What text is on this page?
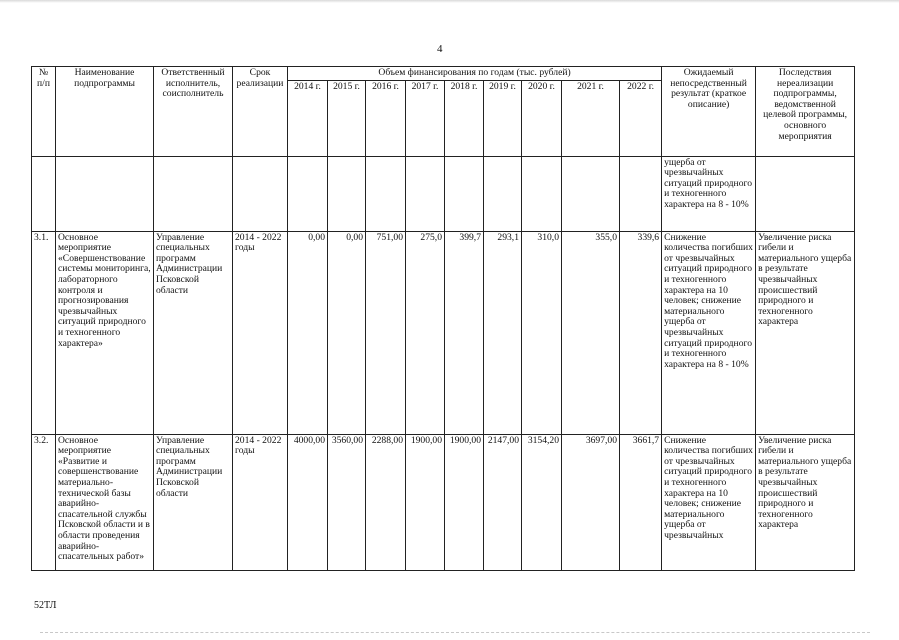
4
№ п/п	Наименование подпрограммы	Ответственный исполнитель, соисполнитель	Срок реализации	Объем финансирования по годам (тыс. рублей)									Ожидаемый непосредственный результат (краткое описание)	Последствия нереализации подпрограммы, ведомственной целевой программы, основного мероприятия
				2014 г.	2015 г.	2016 г.	2017 г.	2018 г.	2019 г.	2020 г.	2021 г.	2022 г.		
													ущерба от чрезвычайных ситуаций природного и техногенного характера на 8 - 10%	
3.1.	Основное мероприятие «Совершенствование системы мониторинга, лабораторного контроля и прогнозирования чрезвычайных ситуаций природного и техногенного характера»	Управление специальных программ Администрации Псковской области	2014 - 2022 годы	0,00	0,00	751,00	275,0	399,7	293,1	310,0	355,0	339,6	Снижение количества погибших от чрезвычайных ситуаций природного и техногенного характера на 10 человек; снижение материального ущерба от чрезвычайных ситуаций природного и техногенного характера на 8 - 10%	Увеличение риска гибели и материального ущерба в результате чрезвычайных происшествий природного и техногенного характера
3.2.	Основное мероприятие «Развитие и совершенствование материально-технической базы аварийно-спасательной службы Псковской области и в области проведения аварийно-спасательных работ»	Управление специальных программ Администрации Псковской области	2014 - 2022 годы	4000,00	3560,00	2288,00	1900,00	1900,00	2147,00	3154,20	3697,00	3661,7	Снижение количества погибших от чрезвычайных ситуаций природного и техногенного характера на 10 человек; снижение материального ущерба от чрезвычайных	Увеличение риска гибели и материального ущерба в результате чрезвычайных происшествий природного и техногенного характера
52ТЛ
